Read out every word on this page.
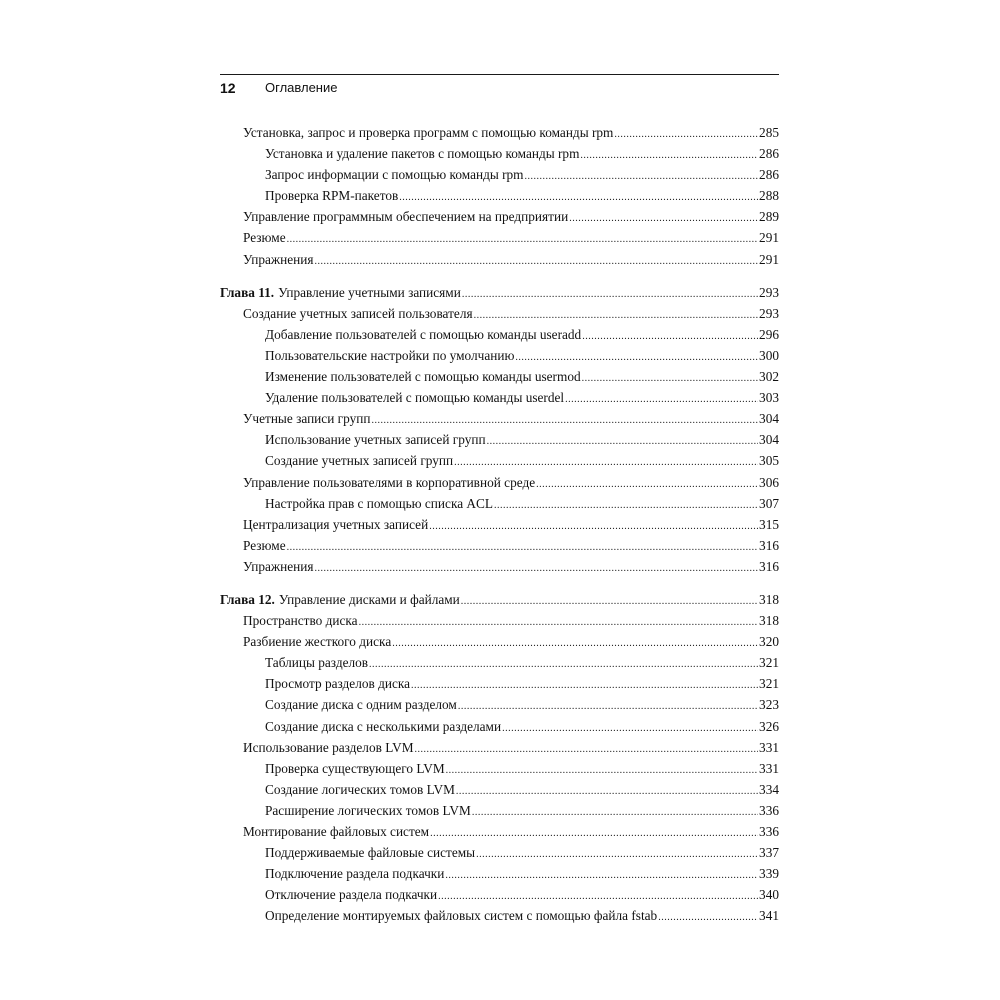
12 Оглавление
Установка, запрос и проверка программ с помощью команды rpm .....	285
Установка и удаление пакетов с помощью команды rpm .....	286
Запрос информации с помощью команды rpm .....	286
Проверка RPM-пакетов .....	288
Управление программным обеспечением на предприятии .....	289
Резюме .....	291
Упражнения .....	291
Глава 11. Управление учетными записями .....	293
Создание учетных записей пользователя .....	293
Добавление пользователей с помощью команды useradd .....	296
Пользовательские настройки по умолчанию .....	300
Изменение пользователей с помощью команды usermod .....	302
Удаление пользователей с помощью команды userdel .....	303
Учетные записи групп .....	304
Использование учетных записей групп .....	304
Создание учетных записей групп .....	305
Управление пользователями в корпоративной среде .....	306
Настройка прав с помощью списка ACL .....	307
Централизация учетных записей .....	315
Резюме .....	316
Упражнения .....	316
Глава 12. Управление дисками и файлами .....	318
Пространство диска .....	318
Разбиение жесткого диска .....	320
Таблицы разделов .....	321
Просмотр разделов диска .....	321
Создание диска с одним разделом .....	323
Создание диска с несколькими разделами .....	326
Использование разделов LVM .....	331
Проверка существующего LVM .....	331
Создание логических томов LVM .....	334
Расширение логических томов LVM .....	336
Монтирование файловых систем .....	336
Поддерживаемые файловые системы .....	337
Подключение раздела подкачки .....	339
Отключение раздела подкачки .....	340
Определение монтируемых файловых систем с помощью файла fstab .....	341
